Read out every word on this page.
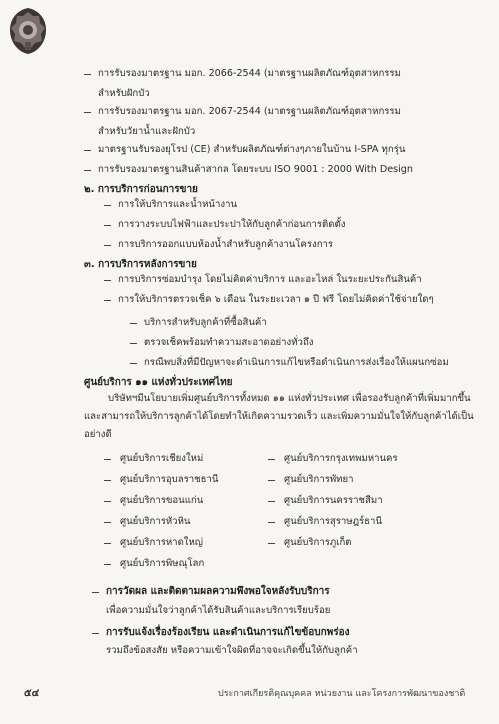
การรับรองมาตรฐาน มอก. 2066-2544 (มาตรฐานผลิตภัณฑ์อุตสาหกรรม
สำหรับฝักบัว
การรับรองมาตรฐาน มอก. 2067-2544 (มาตรฐานผลิตภัณฑ์อุตสาหกรรม
สำหรับวัยาน้ำและฝักบัว
มาตรฐานรับรองยุโรป (CE) สำหรับผลิตภัณฑ์ต่างๆภายในบ้าน I-SPA ทุกรุ่น
การรับรองมาตรฐานสินค้าสากล โดยระบบ ISO 9001 : 2000 With Design
๒. การบริการก่อนการขาย
การให้บริการและน้ำหน้างาน
การวางระบบไฟฟ้าและประปาให้กับลูกค้าก่อนการติดตั้ง
การบริการออกแบบห้องน้ำสำหรับลูกค้างานโครงการ
๓. การบริการหลังการขาย
การบริการซ่อมบำรุง โดยไม่คิดค่าบริการ และอะไหล่ ในระยะประกันสินค้า
การให้บริการตรวจเช็ค ๖ เดือน ในระยะเวลา ๑ ปี ฟรี โดยไม่คิดค่าใช้จ่ายใดๆ
บริการสำหรับลูกค้าที่ซื้อสินค้า
ตรวจเช็คพร้อมทำความสะอาดอย่างทั่วถึง
กรณีพบสิ่งที่มีปัญหาจะดำเนินการแก้ไขหรือดำเนินการส่งเรื่องให้แผนกซ่อม
ศูนย์บริการ ๑๑ แห่งทั่วประเทศไทย
บริษัทฯมีนโยบายเพิ่มศูนย์บริการทั้งหมด ๑๑ แห่งทั่วประเทศ เพื่อรองรับลูกค้าที่เพิ่มมากขึ้น
และสามารถให้บริการลูกค้าได้โดยทำให้เกิดความรวดเร็ว และเพิ่มความมั่นใจให้กับลูกค้าได้เป็น
อย่างดี
ศูนย์บริการเชียงใหม่
ศูนย์บริการอุบลราชธานี
ศูนย์บริการขอนแก่น
ศูนย์บริการหัวหิน
ศูนย์บริการหาดใหญ่
ศูนย์บริการพิษณุโลก
ศูนย์บริการกรุงเทพมหานคร
ศูนย์บริการพัทยา
ศูนย์บริการนครราชสีมา
ศูนย์บริการสุราษฎร์ธานี
ศูนย์บริการภูเก็ต
การวัดผล และติดตามผลความพึงพอใจหลังรับบริการ
เพื่อความมั่นใจว่าลูกค้าได้รับสินค้าและบริการเรียบร้อย
การรับแจ้งเรื่องร้องเรียน และดำเนินการแก้ไขข้อบกพร่อง
รวมถึงข้อสงสัย หรือความเข้าใจผิดที่อาจจะเกิดขึ้นให้กับลูกค้า
๕๔	ประกาศเกียรติคุณบุคคล หน่วยงาน และโครงการพัฒนาของชาติ
